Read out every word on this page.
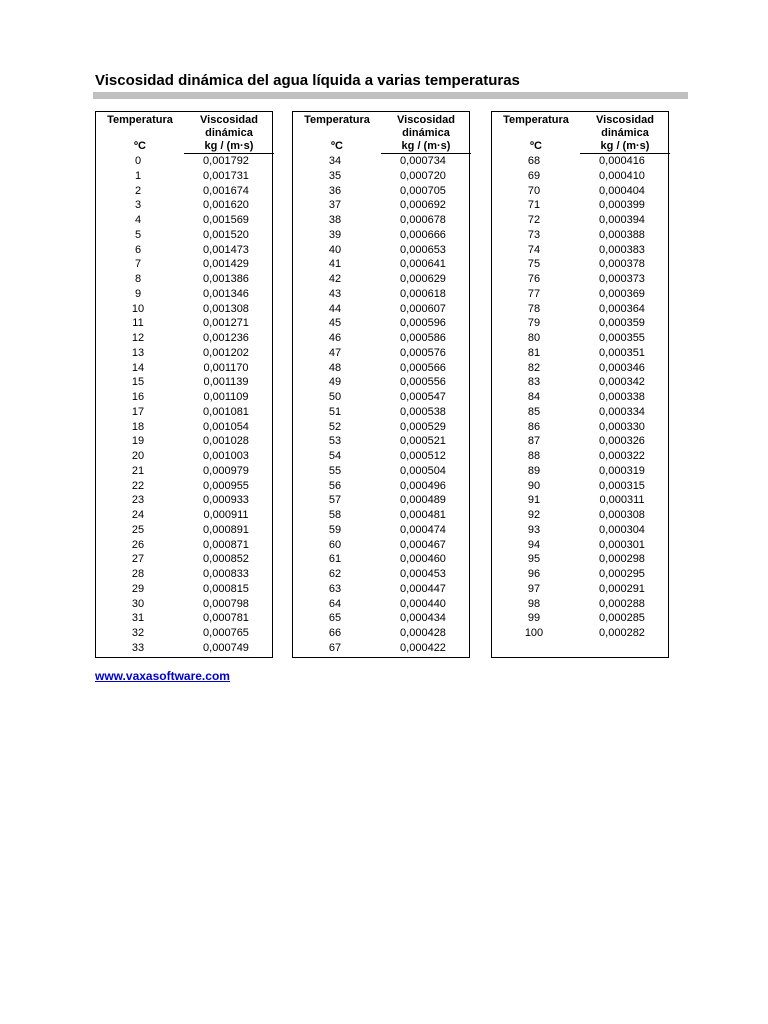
Viscosidad dinámica del agua líquida a varias temperaturas
Temperatura
ºC
Viscosidad
dinámica
kg / (m·s)
0	0,001792
1	0,001731
2	0,001674
3	0,001620
4	0,001569
5	0,001520
6	0,001473
7	0,001429
8	0,001386
9	0,001346
10	0,001308
11	0,001271
12	0,001236
13	0,001202
14	0,001170
15	0,001139
16	0,001109
17	0,001081
18	0,001054
19	0,001028
20	0,001003
21	0,000979
22	0,000955
23	0,000933
24	0,000911
25	0,000891
26	0,000871
27	0,000852
28	0,000833
29	0,000815
30	0,000798
31	0,000781
32	0,000765
33	0,000749
Temperatura
ºC
Viscosidad
dinámica
kg / (m·s)
34	0,000734
35	0,000720
36	0,000705
37	0,000692
38	0,000678
39	0,000666
40	0,000653
41	0,000641
42	0,000629
43	0,000618
44	0,000607
45	0,000596
46	0,000586
47	0,000576
48	0,000566
49	0,000556
50	0,000547
51	0,000538
52	0,000529
53	0,000521
54	0,000512
55	0,000504
56	0,000496
57	0,000489
58	0,000481
59	0,000474
60	0,000467
61	0,000460
62	0,000453
63	0,000447
64	0,000440
65	0,000434
66	0,000428
67	0,000422
Temperatura
ºC
Viscosidad
dinámica
kg / (m·s)
68	0,000416
69	0,000410
70	0,000404
71	0,000399
72	0,000394
73	0,000388
74	0,000383
75	0,000378
76	0,000373
77	0,000369
78	0,000364
79	0,000359
80	0,000355
81	0,000351
82	0,000346
83	0,000342
84	0,000338
85	0,000334
86	0,000330
87	0,000326
88	0,000322
89	0,000319
90	0,000315
91	0,000311
92	0,000308
93	0,000304
94	0,000301
95	0,000298
96	0,000295
97	0,000291
98	0,000288
99	0,000285
100	0,000282
www.vaxasoftware.com
